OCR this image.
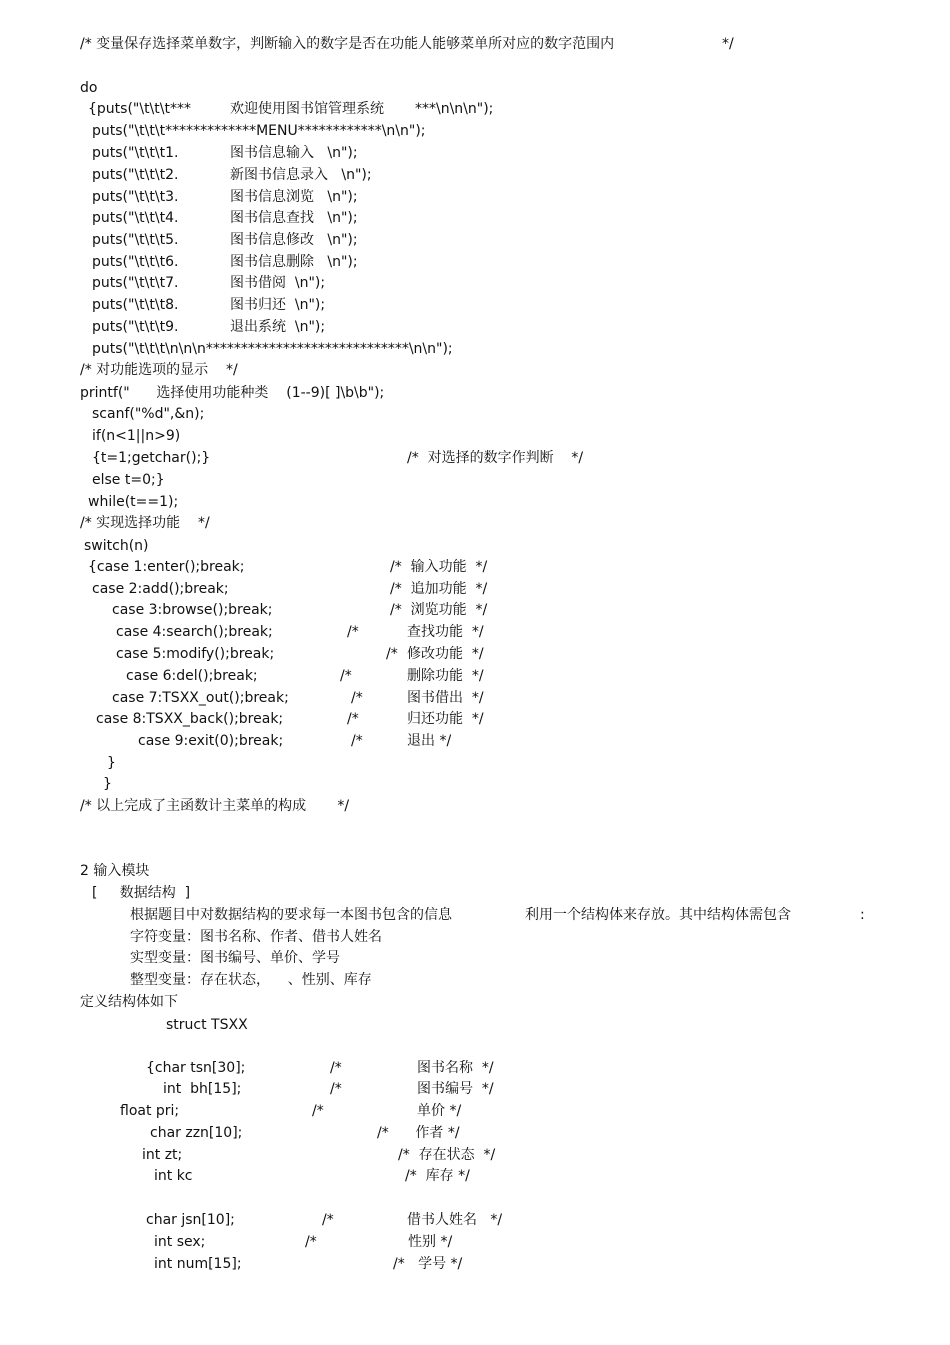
/* 变量保存选择菜单数字，判断输入的数字是否在功能人能够菜单所对应的数字范围内	*/
do
{puts("\t\t\t***	欢迎使用图书馆管理系统 ***\n\n\n");
puts("\t\t\t*************MENU************\n\n");
puts("\t\t\t1.	图书信息输入   \n");
puts("\t\t\t2.	新图书信息录入   \n");
puts("\t\t\t3.	图书信息浏览   \n");
puts("\t\t\t4.	图书信息查找   \n");
puts("\t\t\t5.	图书信息修改   \n");
puts("\t\t\t6.	图书信息删除   \n");
puts("\t\t\t7.	图书借阅  \n");
puts("\t\t\t8.	图书归还  \n");
puts("\t\t\t9.	退出系统  \n");
puts("\t\t\t\n\n\n*****************************\n\n");
/* 对功能选项的显示    */
printf("      选择使用功能种类    (1--9)[ ]\b\b");
scanf("%d",&n);
if(n<1||n>9)
{t=1;getchar();}	/*  对选择的数字作判断    */
else t=0;}
while(t==1);
/* 实现选择功能    */
switch(n)
{case 1:enter();break;	/*  输入功能  */
case 2:add();break;	/*  追加功能  */
case 3:browse();break;	/*  浏览功能  */
case 4:search();break;	/*	查找功能  */
case 5:modify();break;	/* 修改功能  */
case 6:del();break;	/*	删除功能  */
case 7:TSXX_out();break;	/*	图书借出  */
case 8:TSXX_back();break;	/*	归还功能  */
case 9:exit(0);break;	/*	退出 */
}
}
/* 以上完成了主函数计主菜单的构成       */
2 输入模块
[     数据结构  ]
根据题目中对数据结构的要求每一本图书包含的信息	利用一个结构体来存放。其中结构体需包含	:
字符变量：图书名称、作者、借书人姓名
实型变量：图书编号、单价、学号
整型变量：存在状态，    、性别、库存
定义结构体如下
struct TSXX
{char tsn[30];	/*	图书名称  */
int  bh[15];	/*	图书编号  */
float pri;	/*	单价 */
char zzn[10];	/*      作者 */
int zt;	/*  存在状态  */
int kc	/*  库存 */
char jsn[10];	/*	借书人姓名   */
int sex;	/*	性别 */
int num[15];	/*   学号 */
